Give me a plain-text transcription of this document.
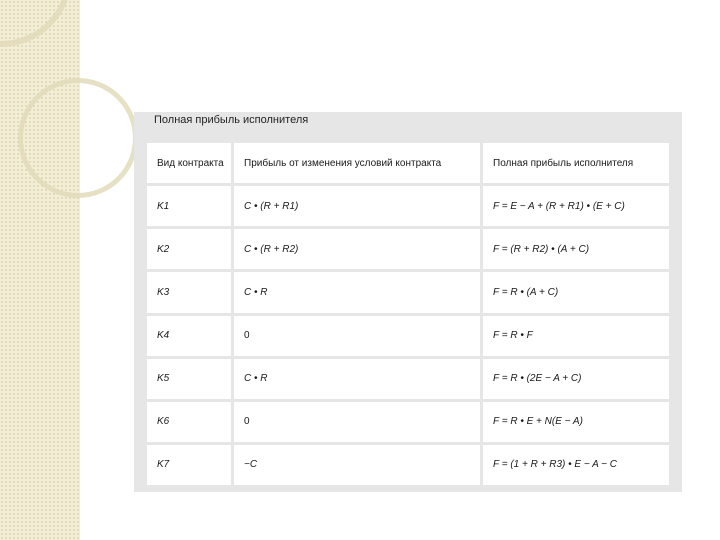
Полная прибыль исполнителя
Вид контракта	Прибыль от изменения условий контракта	Полная прибыль исполнителя
K1	C • (R + R1)	F = E − A + (R + R1) • (E + C)
K2	C • (R + R2)	F = (R + R2) • (A + C)
K3	C • R	F = R • (A + C)
K4	0	F = R • F
K5	C • R	F = R • (2E − A + C)
K6	0	F = R • E + N(E − A)
K7	−C	F = (1 + R + R3) • E − A − C
